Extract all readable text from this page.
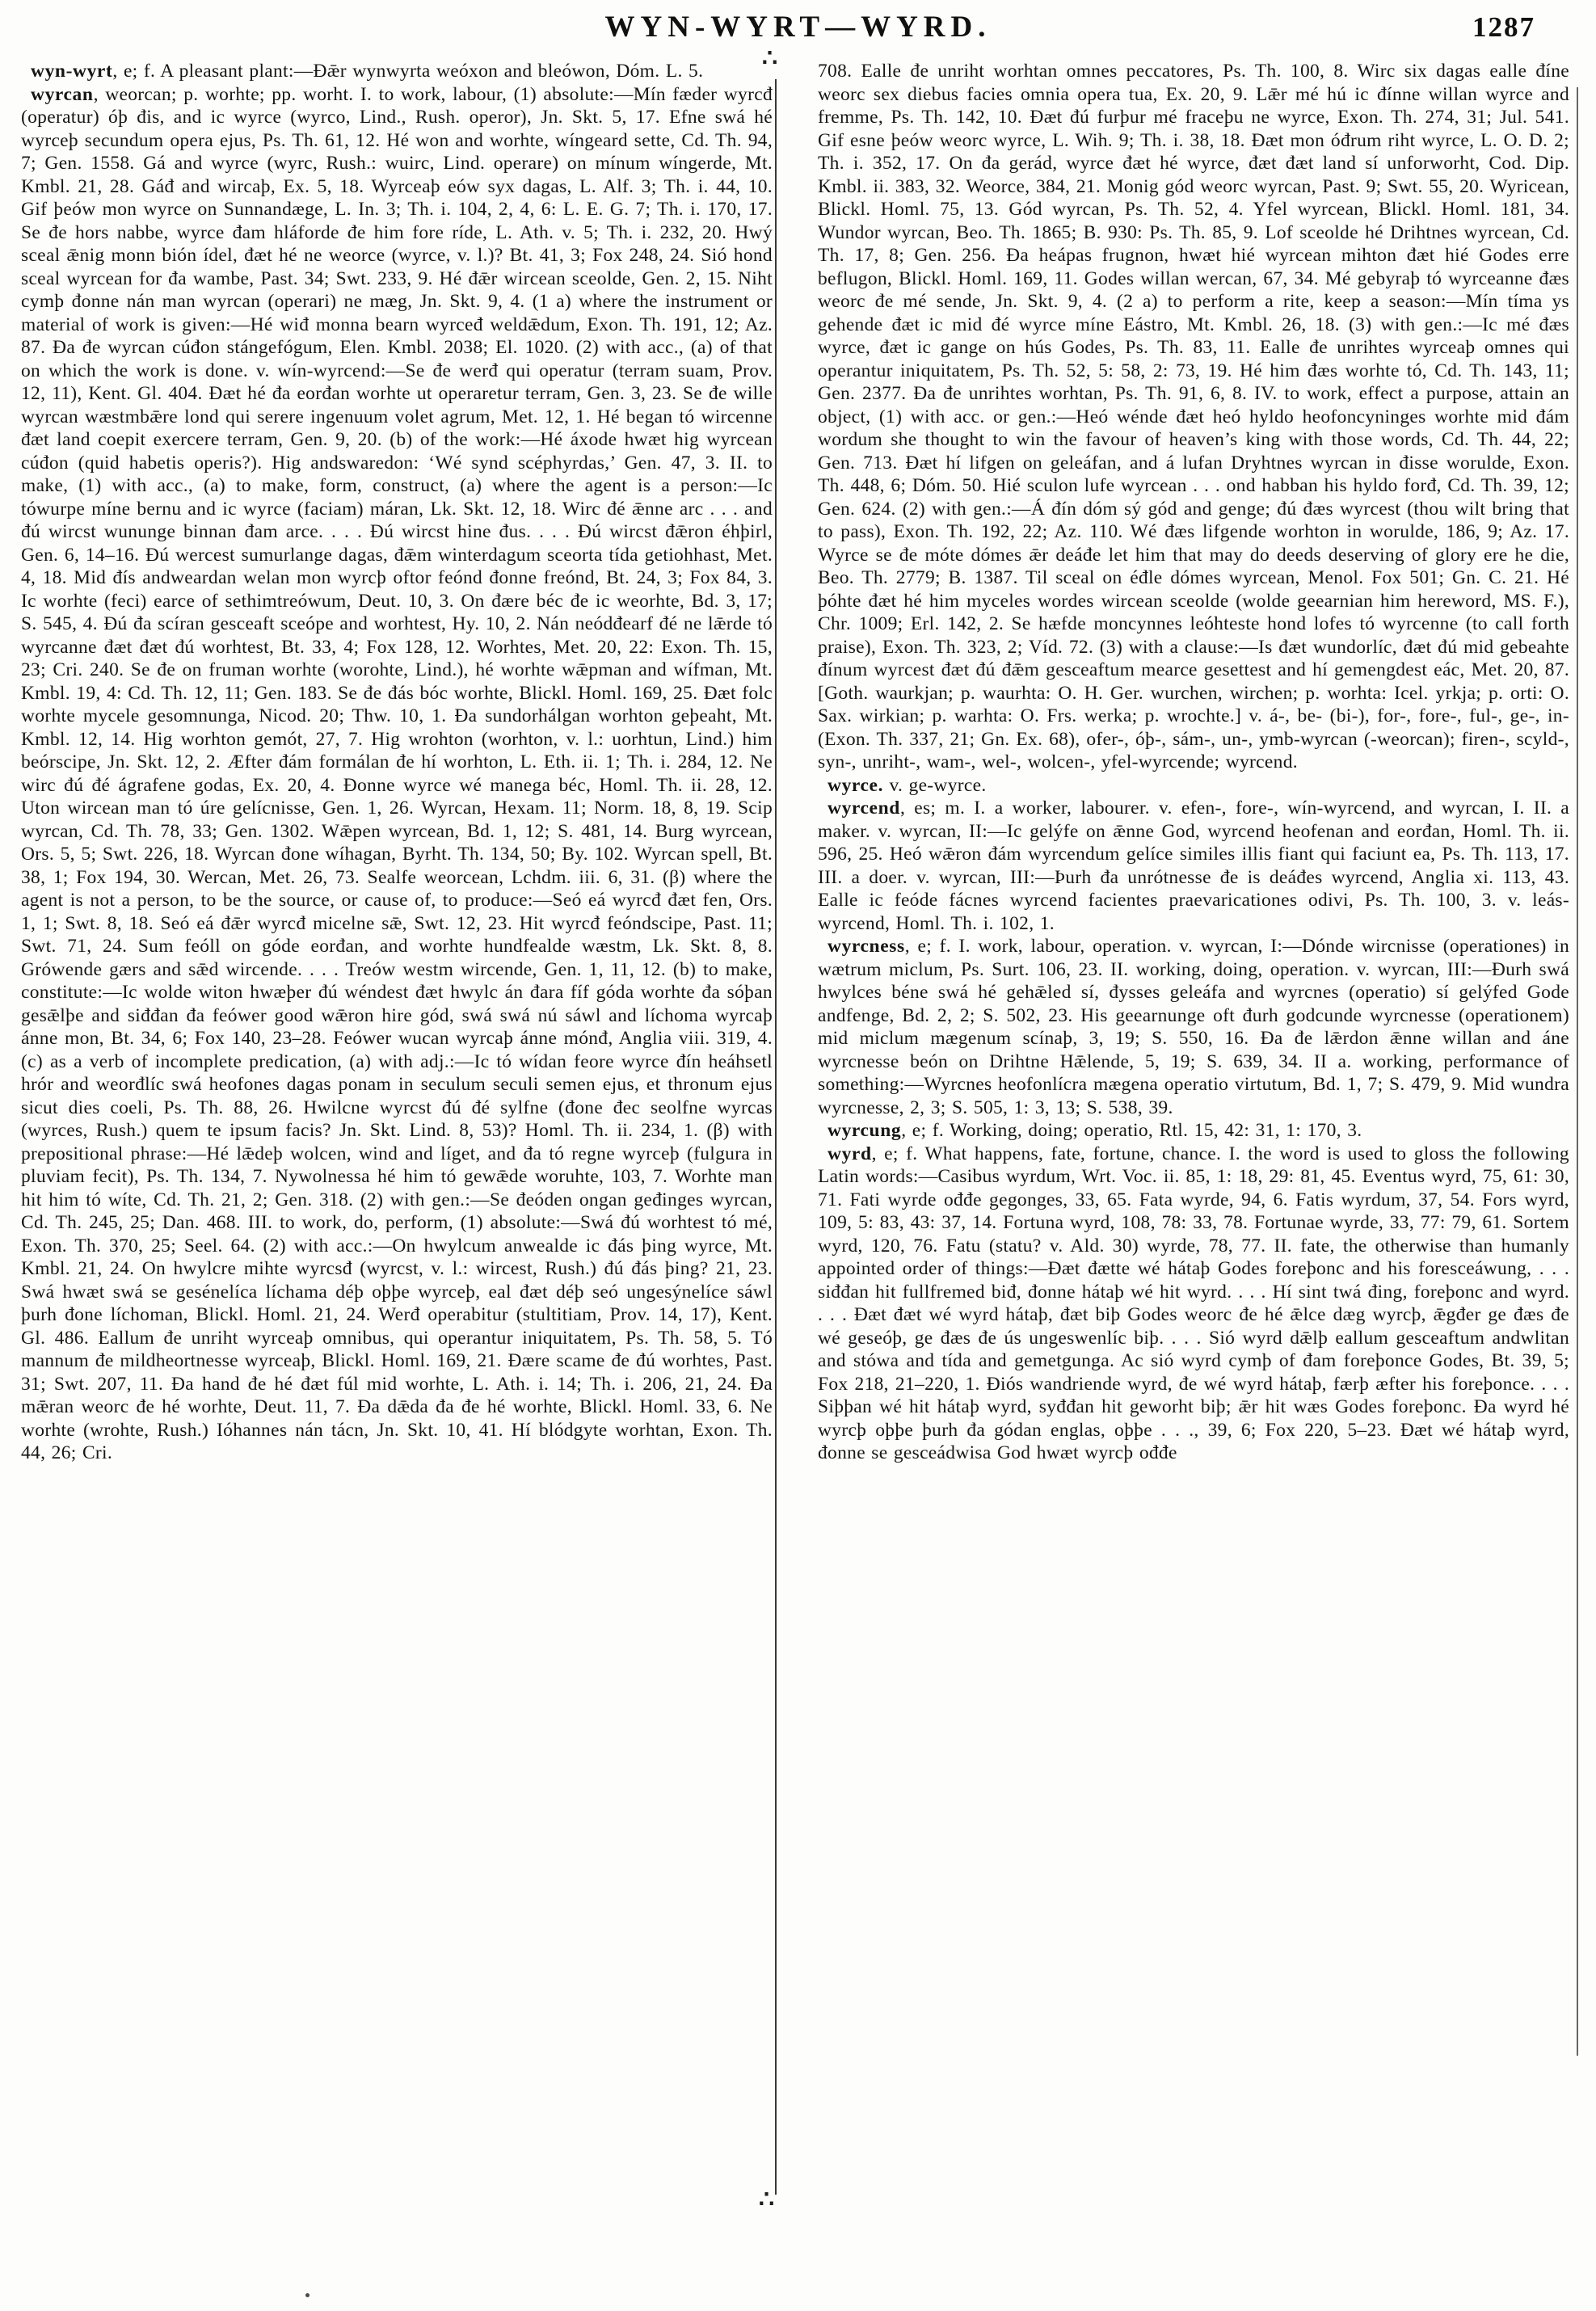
WYN-WYRT—WYRD.	1287
∴
∴

wyn-wyrt, e; f. A pleasant plant:—Ðǣr wynwyrta weóxon and bleówon, Dóm. L. 5.

wyrcan, weorcan; p. worhte; pp. worht. I. to work, labour, (1) absolute:—Mín fæder wyrcđ (operatur) óþ đis, and ic wyrce (wyrco, Lind., Rush. operor), Jn. Skt. 5, 17. Efne swá hé wyrceþ secundum opera ejus, Ps. Th. 61, 12. Hé won and worhte, wíngeard sette, Cd. Th. 94, 7; Gen. 1558. Gá and wyrce (wyrc, Rush.: wuirc, Lind. operare) on mínum wíngerde, Mt. Kmbl. 21, 28. Gáđ and wircaþ, Ex. 5, 18. Wyrceaþ eów syx dagas, L. Alf. 3; Th. i. 44, 10. Gif þeów mon wyrce on Sunnandæge, L. In. 3; Th. i. 104, 2, 4, 6: L. E. G. 7; Th. i. 170, 17. Se đe hors nabbe, wyrce đam hláforde đe him fore ríde, L. Ath. v. 5; Th. i. 232, 20. Hwý sceal ǣnig monn bión ídel, đæt hé ne weorce (wyrce, v. l.)? Bt. 41, 3; Fox 248, 24. Sió hond sceal wyrcean for đa wambe, Past. 34; Swt. 233, 9. Hé đǣr wircean sceolde, Gen. 2, 15. Niht cymþ đonne nán man wyrcan (operari) ne mæg, Jn. Skt. 9, 4. (1 a) where the instrument or material of work is given:—Hé wiđ monna bearn wyrceđ weldǣdum, Exon. Th. 191, 12; Az. 87. Ða đe wyrcan cúđon stángefógum, Elen. Kmbl. 2038; El. 1020. (2) with acc., (a) of that on which the work is done. v. wín-wyrcend:—Se đe werđ qui operatur (terram suam, Prov. 12, 11), Kent. Gl. 404. Ðæt hé đa eorđan worhte ut operaretur terram, Gen. 3, 23. Se đe wille wyrcan wæstmbǣre lond qui serere ingenuum volet agrum, Met. 12, 1. Hé began tó wircenne đæt land coepit exercere terram, Gen. 9, 20. (b) of the work:—Hé áxode hwæt hig wyrcean cúđon (quid habetis operis?). Hig andswaredon: ‘Wé synd scéphyrdas,’ Gen. 47, 3. II. to make, (1) with acc., (a) to make, form, construct, (a) where the agent is a person:—Ic tówurpe míne bernu and ic wyrce (faciam) máran, Lk. Skt. 12, 18. Wirc đé ǣnne arc . . . and đú wircst wununge binnan đam arce. . . . Đú wircst hine đus. . . . Đú wircst đǣron éhþirl, Gen. 6, 14–16. Đú wercest sumurlange dagas, đǣm winterdagum sceorta tída getiohhast, Met. 4, 18. Mid đís andweardan welan mon wyrcþ oftor feónd đonne freónd, Bt. 24, 3; Fox 84, 3. Ic worhte (feci) earce of sethimtreówum, Deut. 10, 3. On đære béc đe ic weorhte, Bd. 3, 17; S. 545, 4. Đú đa scíran gesceaft sceópe and worhtest, Hy. 10, 2. Nán neódđearf đé ne lǣrde tó wyrcanne đæt đæt đú worhtest, Bt. 33, 4; Fox 128, 12. Worhtes, Met. 20, 22: Exon. Th. 15, 23; Cri. 240. Se đe on fruman worhte (worohte, Lind.), hé worhte wǣpman and wífman, Mt. Kmbl. 19, 4: Cd. Th. 12, 11; Gen. 183. Se đe đás bóc worhte, Blickl. Homl. 169, 25. Ðæt folc worhte mycele gesomnunga, Nicod. 20; Thw. 10, 1. Ða sundorhálgan worhton geþeaht, Mt. Kmbl. 12, 14. Hig worhton gemót, 27, 7. Hig wrohton (worhton, v. l.: uorhtun, Lind.) him beórscipe, Jn. Skt. 12, 2. Æfter đám formálan đe hí worhton, L. Eth. ii. 1; Th. i. 284, 12. Ne wirc đú đé ágrafene godas, Ex. 20, 4. Ðonne wyrce wé manega béc, Homl. Th. ii. 28, 12. Uton wircean man tó úre gelícnisse, Gen. 1, 26. Wyrcan, Hexam. 11; Norm. 18, 8, 19. Scip wyrcan, Cd. Th. 78, 33; Gen. 1302. Wǣpen wyrcean, Bd. 1, 12; S. 481, 14. Burg wyrcean, Ors. 5, 5; Swt. 226, 18. Wyrcan đone wíhagan, Byrht. Th. 134, 50; By. 102. Wyrcan spell, Bt. 38, 1; Fox 194, 30. Wercan, Met. 26, 73. Sealfe weorcean, Lchdm. iii. 6, 31. (β) where the agent is not a person, to be the source, or cause of, to produce:—Seó eá wyrcđ đæt fen, Ors. 1, 1; Swt. 8, 18. Seó eá đǣr wyrcđ micelne sǣ, Swt. 12, 23. Hit wyrcđ feóndscipe, Past. 11; Swt. 71, 24. Sum feóll on góde eorđan, and worhte hundfealde wæstm, Lk. Skt. 8, 8. Grówende gærs and sǣd wircende. . . . Treów westm wircende, Gen. 1, 11, 12. (b) to make, constitute:—Ic wolde witon hwæþer đú wéndest đæt hwylc án đara fíf góda worhte đa sóþan gesǣlþe and siđđan đa feówer good wǣron hire gód, swá swá nú sáwl and líchoma wyrcaþ ánne mon, Bt. 34, 6; Fox 140, 23–28. Feówer wucan wyrcaþ ánne mónđ, Anglia viii. 319, 4. (c) as a verb of incomplete predication, (a) with adj.:—Ic tó wídan feore wyrce đín heáhsetl hrór and weorđlíc swá heofones dagas ponam in seculum seculi semen ejus, et thronum ejus sicut dies coeli, Ps. Th. 88, 26. Hwilcne wyrcst đú đé sylfne (đone đec seolfne wyrcas (wyrces, Rush.) quem te ipsum facis? Jn. Skt. Lind. 8, 53)? Homl. Th. ii. 234, 1. (β) with prepositional phrase:—Hé lǣdeþ wolcen, wind and líget, and đa tó regne wyrceþ (fulgura in pluviam fecit), Ps. Th. 134, 7. Nywolnessa hé him tó gewǣde woruhte, 103, 7. Worhte man hit him tó wíte, Cd. Th. 21, 2; Gen. 318. (2) with gen.:—Se đeóden ongan geđinges wyrcan, Cd. Th. 245, 25; Dan. 468. III. to work, do, perform, (1) absolute:—Swá đú worhtest tó mé, Exon. Th. 370, 25; Seel. 64. (2) with acc.:—On hwylcum anwealde ic đás þing wyrce, Mt. Kmbl. 21, 24. On hwylcre mihte wyrcsđ (wyrcst, v. l.: wircest, Rush.) đú đás þing? 21, 23. Swá hwæt swá se gesénelíca líchama déþ oþþe wyrceþ, eal đæt déþ seó ungesýnelíce sáwl þurh đone líchoman, Blickl. Homl. 21, 24. Werđ operabitur (stultitiam, Prov. 14, 17), Kent. Gl. 486. Eallum đe unriht wyrceaþ omnibus, qui operantur iniquitatem, Ps. Th. 58, 5. Tó mannum đe mildheortnesse wyrceaþ, Blickl. Homl. 169, 21. Ðære scame đe đú worhtes, Past. 31; Swt. 207, 11. Ða hand đe hé đæt fúl mid worhte, L. Ath. i. 14; Th. i. 206, 21, 24. Ða mǣran weorc đe hé worhte, Deut. 11, 7. Ða dǣda đa đe hé worhte, Blickl. Homl. 33, 6. Ne worhte (wrohte, Rush.) Ióhannes nán tácn, Jn. Skt. 10, 41. Hí blódgyte worhtan, Exon. Th. 44, 26; Cri.

708. Ealle đe unriht worhtan omnes peccatores, Ps. Th. 100, 8. Wirc six dagas ealle đíne weorc sex diebus facies omnia opera tua, Ex. 20, 9. Lǣr mé hú ic đínne willan wyrce and fremme, Ps. Th. 142, 10. Ðæt đú furþur mé fraceþu ne wyrce, Exon. Th. 274, 31; Jul. 541. Gif esne þeów weorc wyrce, L. Wih. 9; Th. i. 38, 18. Ðæt mon óđrum riht wyrce, L. O. D. 2; Th. i. 352, 17. On đa gerád, wyrce đæt hé wyrce, đæt đæt land sí unforworht, Cod. Dip. Kmbl. ii. 383, 32. Weorce, 384, 21. Monig gód weorc wyrcan, Past. 9; Swt. 55, 20. Wyricean, Blickl. Homl. 75, 13. Gód wyrcan, Ps. Th. 52, 4. Yfel wyrcean, Blickl. Homl. 181, 34. Wundor wyrcan, Beo. Th. 1865; B. 930: Ps. Th. 85, 9. Lof sceolde hé Drihtnes wyrcean, Cd. Th. 17, 8; Gen. 256. Ða heápas frugnon, hwæt hié wyrcean mihton đæt hié Godes erre beflugon, Blickl. Homl. 169, 11. Godes willan wercan, 67, 34. Mé gebyraþ tó wyrceanne đæs weorc đe mé sende, Jn. Skt. 9, 4. (2 a) to perform a rite, keep a season:—Mín tíma ys gehende đæt ic mid đé wyrce míne Eástro, Mt. Kmbl. 26, 18. (3) with gen.:—Ic mé đæs wyrce, đæt ic gange on hús Godes, Ps. Th. 83, 11. Ealle đe unrihtes wyrceaþ omnes qui operantur iniquitatem, Ps. Th. 52, 5: 58, 2: 73, 19. Hé him đæs worhte tó, Cd. Th. 143, 11; Gen. 2377. Ða đe unrihtes worhtan, Ps. Th. 91, 6, 8. IV. to work, effect a purpose, attain an object, (1) with acc. or gen.:—Heó wénde đæt heó hyldo heofoncyninges worhte mid đám wordum she thought to win the favour of heaven’s king with those words, Cd. Th. 44, 22; Gen. 713. Ðæt hí lifgen on geleáfan, and á lufan Dryhtnes wyrcan in đisse worulde, Exon. Th. 448, 6; Dóm. 50. Hié sculon lufe wyrcean . . . ond habban his hyldo forđ, Cd. Th. 39, 12; Gen. 624. (2) with gen.:—Á đín dóm sý gód and genge; đú đæs wyrcest (thou wilt bring that to pass), Exon. Th. 192, 22; Az. 110. Wé đæs lifgende worhton in worulde, 186, 9; Az. 17. Wyrce se đe móte dómes ǣr deáđe let him that may do deeds deserving of glory ere he die, Beo. Th. 2779; B. 1387. Til sceal on éđle dómes wyrcean, Menol. Fox 501; Gn. C. 21. Hé þóhte đæt hé him myceles wordes wircean sceolde (wolde geearnian him hereword, MS. F.), Chr. 1009; Erl. 142, 2. Se hæfde moncynnes leóhteste hond lofes tó wyrcenne (to call forth praise), Exon. Th. 323, 2; Víd. 72. (3) with a clause:—Is đæt wundorlíc, đæt đú mid gebeahte đínum wyrcest đæt đú đǣm gesceaftum mearce gesettest and hí gemengdest eác, Met. 20, 87. [Goth. waurkjan; p. waurhta: O. H. Ger. wurchen, wirchen; p. worhta: Icel. yrkja; p. orti: O. Sax. wirkian; p. warhta: O. Frs. werka; p. wrochte.] v. á-, be- (bi-), for-, fore-, ful-, ge-, in- (Exon. Th. 337, 21; Gn. Ex. 68), ofer-, óþ-, sám-, un-, ymb-wyrcan (-weorcan); firen-, scyld-, syn-, unriht-, wam-, wel-, wolcen-, yfel-wyrcende; wyrcend.

wyrce. v. ge-wyrce.

wyrcend, es; m. I. a worker, labourer. v. efen-, fore-, wín-wyrcend, and wyrcan, I. II. a maker. v. wyrcan, II:—Ic gelýfe on ǣnne God, wyrcend heofenan and eorđan, Homl. Th. ii. 596, 25. Heó wǣron đám wyrcendum gelíce similes illis fiant qui faciunt ea, Ps. Th. 113, 17. III. a doer. v. wyrcan, III:—Þurh đa unrótnesse đe is deáđes wyrcend, Anglia xi. 113, 43. Ealle ic feóde fácnes wyrcend facientes praevaricationes odivi, Ps. Th. 100, 3. v. leás-wyrcend, Homl. Th. i. 102, 1.

wyrcness, e; f. I. work, labour, operation. v. wyrcan, I:—Dónde wircnisse (operationes) in wætrum miclum, Ps. Surt. 106, 23. II. working, doing, operation. v. wyrcan, III:—Ðurh swá hwylces béne swá hé gehǣled sí, đysses geleáfa and wyrcnes (operatio) sí gelýfed Gode andfenge, Bd. 2, 2; S. 502, 23. His geearnunge oft đurh godcunde wyrcnesse (operationem) mid miclum mægenum scínaþ, 3, 19; S. 550, 16. Ða đe lǣrdon ǣnne willan and áne wyrcnesse beón on Drihtne Hǣlende, 5, 19; S. 639, 34. II a. working, performance of something:—Wyrcnes heofonlícra mægena operatio virtutum, Bd. 1, 7; S. 479, 9. Mid wundra wyrcnesse, 2, 3; S. 505, 1: 3, 13; S. 538, 39.

wyrcung, e; f. Working, doing; operatio, Rtl. 15, 42: 31, 1: 170, 3.

wyrd, e; f. What happens, fate, fortune, chance. I. the word is used to gloss the following Latin words:—Casibus wyrdum, Wrt. Voc. ii. 85, 1: 18, 29: 81, 45. Eventus wyrd, 75, 61: 30, 71. Fati wyrde ođđe gegonges, 33, 65. Fata wyrde, 94, 6. Fatis wyrdum, 37, 54. Fors wyrd, 109, 5: 83, 43: 37, 14. Fortuna wyrd, 108, 78: 33, 78. Fortunae wyrde, 33, 77: 79, 61. Sortem wyrd, 120, 76. Fatu (statu? v. Ald. 30) wyrde, 78, 77. II. fate, the otherwise than humanly appointed order of things:—Ðæt đætte wé hátaþ Godes foreþonc and his foresceáwung, . . . siđđan hit fullfremed biđ, đonne hátaþ wé hit wyrd. . . . Hí sint twá đing, foreþonc and wyrd. . . . Ðæt đæt wé wyrd hátaþ, đæt biþ Godes weorc đe hé ǣlce dæg wyrcþ, ǣgđer ge đæs đe wé geseóþ, ge đæs đe ús ungeswenlíc biþ. . . . Sió wyrd dǣlþ eallum gesceaftum andwlitan and stówa and tída and gemetgunga. Ac sió wyrd cymþ of đam foreþonce Godes, Bt. 39, 5; Fox 218, 21–220, 1. Điós wandriende wyrd, đe wé wyrd hátaþ, færþ æfter his foreþonce. . . . Siþþan wé hit hátaþ wyrd, syđđan hit geworht biþ; ǣr hit wæs Godes foreþonc. Ða wyrd hé wyrcþ oþþe þurh đa gódan englas, oþþe . . ., 39, 6; Fox 220, 5–23. Ðæt wé hátaþ wyrd, đonne se gesceádwisa God hwæt wyrcþ ođđe
